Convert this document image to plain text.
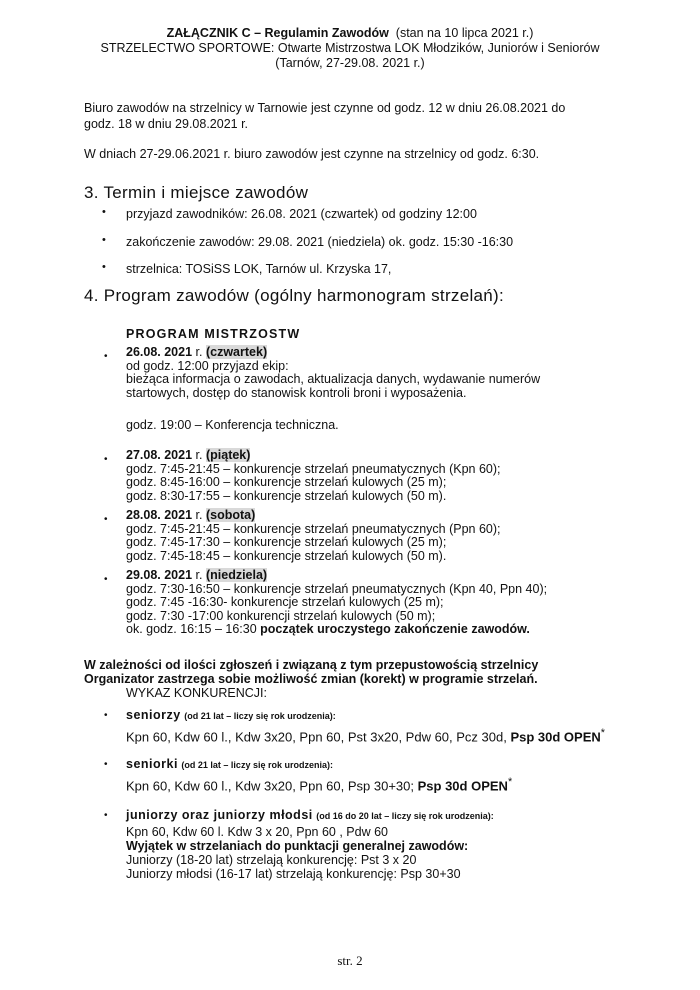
ZAŁĄCZNIK C – Regulamin Zawodów (stan na 10 lipca 2021 r.)
STRZELECTWO SPORTOWE: Otwarte Mistrzostwa LOK Młodzików, Juniorów i Seniorów
(Tarnów, 27-29.08. 2021 r.)
Biuro zawodów na strzelnicy w Tarnowie jest czynne od godz. 12 w dniu 26.08.2021 do
godz. 18 w dniu 29.08.2021 r.
W dniach 27-29.06.2021 r. biuro zawodów jest czynne na strzelnicy od godz. 6:30.
3. Termin i miejsce zawodów
przyjazd zawodników: 26.08. 2021 (czwartek) od godziny 12:00
zakończenie zawodów: 29.08. 2021 (niedziela) ok. godz. 15:30 -16:30
strzelnica: TOSiSS LOK, Tarnów ul. Krzyska 17,
4. Program zawodów (ogólny harmonogram strzelań):
PROGRAM MISTRZOSTW
• 26.08. 2021 r. (czwartek)
od godz. 12:00 przyjazd ekip:
bieżąca informacja o zawodach, aktualizacja danych, wydawanie numerów
startowych, dostęp do stanowisk kontroli broni i wyposażenia.
godz. 19:00 – Konferencja techniczna.
• 27.08. 2021 r. (piątek)
godz. 7:45-21:45 – konkurencje strzelań pneumatycznych (Kpn 60);
godz. 8:45-16:00 – konkurencje strzelań kulowych (25 m);
godz. 8:30-17:55 – konkurencje strzelań kulowych (50 m).
• 28.08. 2021 r. (sobota)
godz. 7:45-21:45 – konkurencje strzelań pneumatycznych (Ppn 60);
godz. 7:45-17:30 – konkurencje strzelań kulowych (25 m);
godz. 7:45-18:45 – konkurencje strzelań kulowych (50 m).
• 29.08. 2021 r. (niedziela)
godz. 7:30-16:50 – konkurencje strzelań pneumatycznych (Kpn 40, Ppn 40);
godz. 7:45 -16:30- konkurencje strzelań kulowych (25 m);
godz. 7:30 -17:00 konkurencji strzelań kulowych (50 m);
ok. godz. 16:15 – 16:30 początek uroczystego zakończenie zawodów.
W zależności od ilości zgłoszeń i związaną z tym przepustowością strzelnicy
Organizator zastrzega sobie możliwość zmian (korekt) w programie strzelań.
WYKAZ KONKURENCJI:
• seniorzy (od 21 lat – liczy się rok urodzenia):
Kpn 60, Kdw 60 l., Kdw 3x20, Ppn 60, Pst 3x20, Pdw 60, Pcz 30d, Psp 30d OPEN*
• seniorki (od 21 lat – liczy się rok urodzenia):
Kpn 60, Kdw 60 l., Kdw 3x20, Ppn 60, Psp 30+30; Psp 30d OPEN*
• juniorzy oraz juniorzy młodsi (od 16 do 20 lat – liczy się rok urodzenia):
Kpn 60, Kdw 60 l. Kdw 3 x 20, Ppn 60 , Pdw 60
Wyjątek w strzelaniach do punktacji generalnej zawodów:
Juniorzy (18-20 lat) strzelają konkurencję: Pst 3 x 20
Juniorzy młodsi (16-17 lat) strzelają konkurencję: Psp 30+30
str. 2
